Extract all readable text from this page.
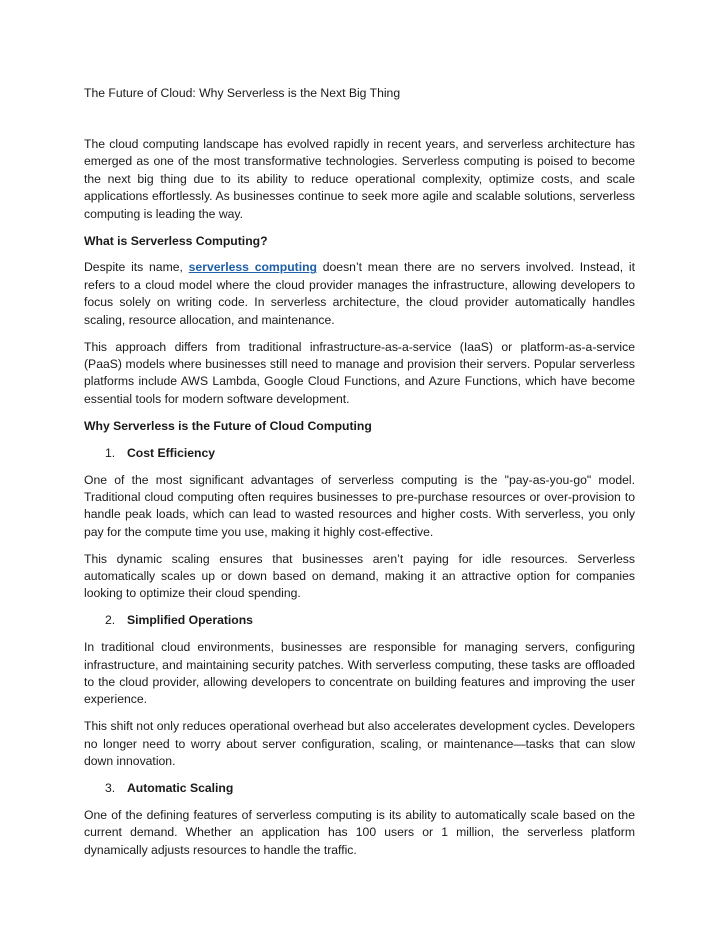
The Future of Cloud: Why Serverless is the Next Big Thing

The cloud computing landscape has evolved rapidly in recent years, and serverless architecture has emerged as one of the most transformative technologies. Serverless computing is poised to become the next big thing due to its ability to reduce operational complexity, optimize costs, and scale applications effortlessly. As businesses continue to seek more agile and scalable solutions, serverless computing is leading the way.

What is Serverless Computing?

Despite its name, serverless computing doesn’t mean there are no servers involved. Instead, it refers to a cloud model where the cloud provider manages the infrastructure, allowing developers to focus solely on writing code. In serverless architecture, the cloud provider automatically handles scaling, resource allocation, and maintenance.

This approach differs from traditional infrastructure-as-a-service (IaaS) or platform-as-a-service (PaaS) models where businesses still need to manage and provision their servers. Popular serverless platforms include AWS Lambda, Google Cloud Functions, and Azure Functions, which have become essential tools for modern software development.

Why Serverless is the Future of Cloud Computing
1. Cost Efficiency

One of the most significant advantages of serverless computing is the "pay-as-you-go" model. Traditional cloud computing often requires businesses to pre-purchase resources or over-provision to handle peak loads, which can lead to wasted resources and higher costs. With serverless, you only pay for the compute time you use, making it highly cost-effective.

This dynamic scaling ensures that businesses aren’t paying for idle resources. Serverless automatically scales up or down based on demand, making it an attractive option for companies looking to optimize their cloud spending.

2. Simplified Operations

In traditional cloud environments, businesses are responsible for managing servers, configuring infrastructure, and maintaining security patches. With serverless computing, these tasks are offloaded to the cloud provider, allowing developers to concentrate on building features and improving the user experience.

This shift not only reduces operational overhead but also accelerates development cycles. Developers no longer need to worry about server configuration, scaling, or maintenance—tasks that can slow down innovation.

3. Automatic Scaling

One of the defining features of serverless computing is its ability to automatically scale based on the current demand. Whether an application has 100 users or 1 million, the serverless platform dynamically adjusts resources to handle the traffic.
